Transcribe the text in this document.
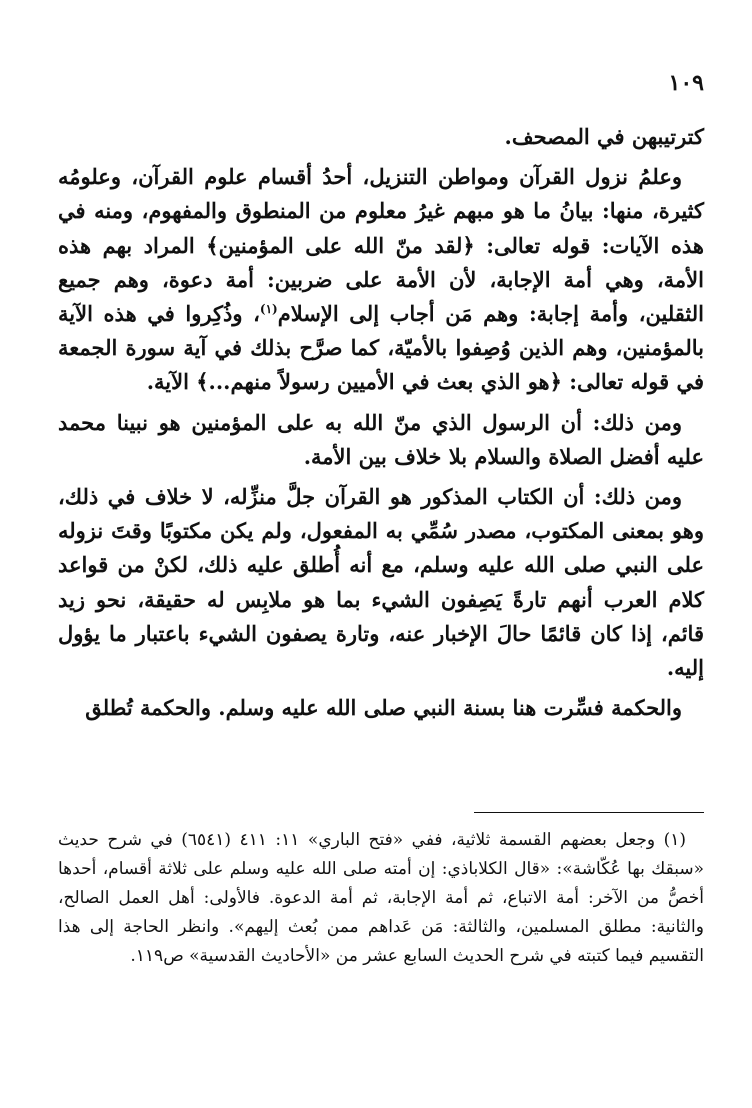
١٠٩

كترتيبهن في المصحف.

وعلمُ نزول القرآن ومواطن التنزيل، أحدُ أقسام علوم القرآن، وعلومُه كثيرة، منها: بيانُ ما هو مبهم غيرُ معلوم من المنطوق والمفهوم، ومنه في هذه الآيات: قوله تعالى: ﴿لقد منّ الله على المؤمنين﴾ المراد بهم هذه الأمة، وهي أمة الإجابة، لأن الأمة على ضربين: أمة دعوة، وهم جميع الثقلين، وأمة إجابة: وهم مَن أجاب إلى الإسلام$^{(١)}$، وذُكِروا في هذه الآية بالمؤمنين، وهم الذين وُصِفوا بالأميّة، كما صرَّح بذلك في آية سورة الجمعة في قوله تعالى: ﴿هو الذي بعث في الأميين رسولاً منهم...﴾ الآية.

ومن ذلك: أن الرسول الذي منّ الله به على المؤمنين هو نبينا محمد عليه أفضل الصلاة والسلام بلا خلاف بين الأمة.

ومن ذلك: أن الكتاب المذكور هو القرآن جلَّ منزِّله، لا خلاف في ذلك، وهو بمعنى المكتوب، مصدر سُمِّي به المفعول، ولم يكن مكتوبًا وقتَ نزوله على النبي صلى الله عليه وسلم، مع أنه أُطلق عليه ذلك، لكنْ من قواعد كلام العرب أنهم تارةً يَصِفون الشيء بما هو ملابِس له حقيقة، نحو زيد قائم، إذا كان قائمًا حالَ الإخبار عنه، وتارة يصفون الشيء باعتبار ما يؤول إليه.

والحكمة فسِّرت هنا بسنة النبي صلى الله عليه وسلم. والحكمة تُطلق

(١) وجعل بعضهم القسمة ثلاثية، ففي «فتح الباري» ١١: ٤١١ (٦٥٤١) في شرح حديث «سبقك بها عُكّاشة»: «قال الكلاباذي: إن أمته صلى الله عليه وسلم على ثلاثة أقسام، أحدها أخصُّ من الآخر: أمة الاتباع، ثم أمة الإجابة، ثم أمة الدعوة. فالأولى: أهل العمل الصالح، والثانية: مطلق المسلمين، والثالثة: مَن عَداهم ممن بُعث إليهم». وانظر الحاجة إلى هذا التقسيم فيما كتبته في شرح الحديث السابع عشر من «الأحاديث القدسية» ص١١٩.
